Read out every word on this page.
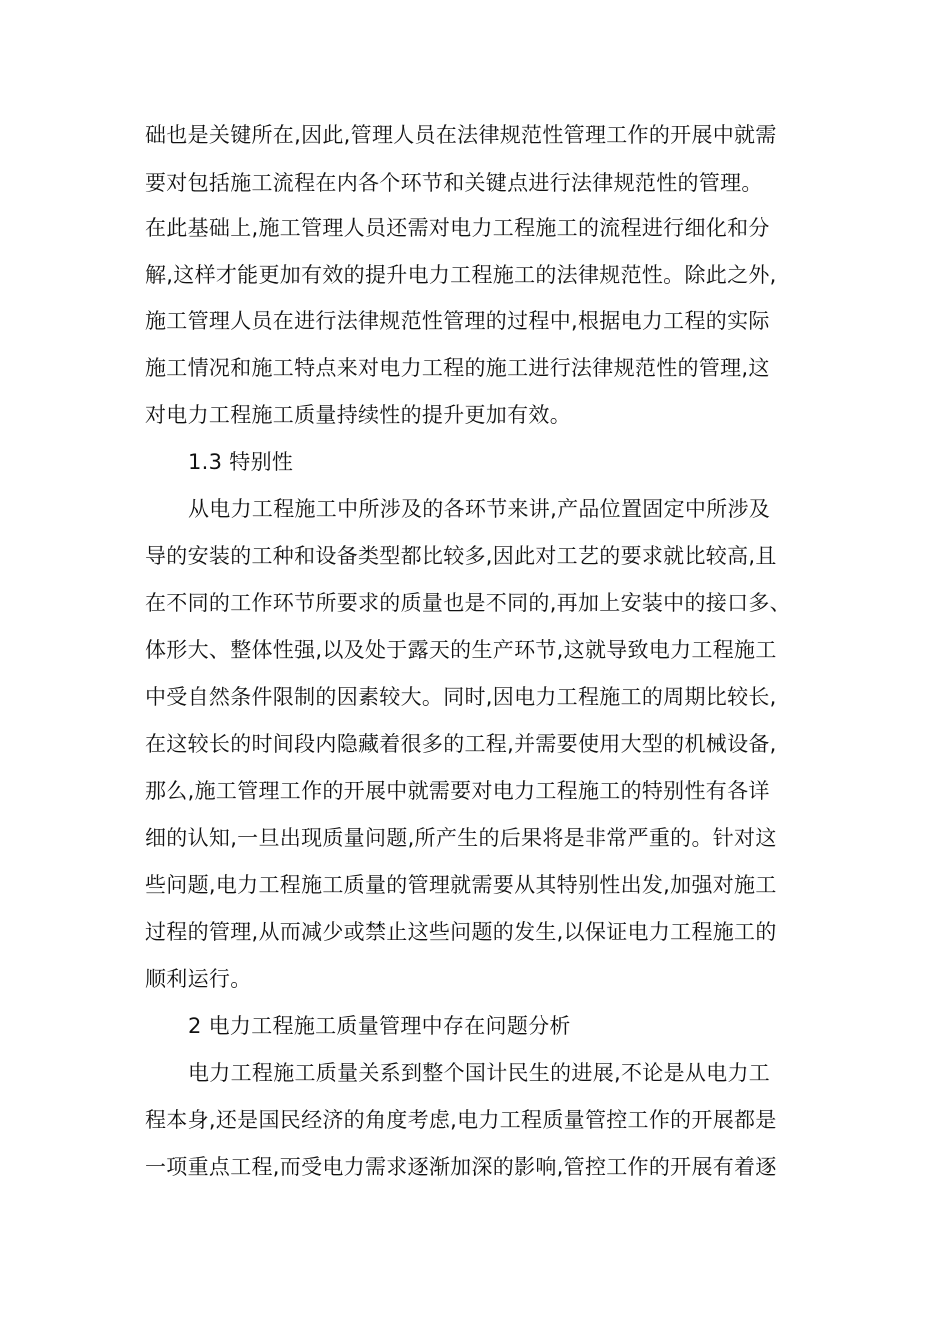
础也是关键所在,因此,管理人员在法律规范性管理工作的开展中就需
要对包括施工流程在内各个环节和关键点进行法律规范性的管理。
在此基础上,施工管理人员还需对电力工程施工的流程进行细化和分
解,这样才能更加有效的提升电力工程施工的法律规范性。除此之外,
施工管理人员在进行法律规范性管理的过程中,根据电力工程的实际
施工情况和施工特点来对电力工程的施工进行法律规范性的管理,这
对电力工程施工质量持续性的提升更加有效。
1.3 特别性
从电力工程施工中所涉及的各环节来讲,产品位置固定中所涉及
导的安装的工种和设备类型都比较多,因此对工艺的要求就比较高,且
在不同的工作环节所要求的质量也是不同的,再加上安装中的接口多、
体形大、整体性强,以及处于露天的生产环节,这就导致电力工程施工
中受自然条件限制的因素较大。同时,因电力工程施工的周期比较长,
在这较长的时间段内隐藏着很多的工程,并需要使用大型的机械设备,
那么,施工管理工作的开展中就需要对电力工程施工的特别性有各详
细的认知,一旦出现质量问题,所产生的后果将是非常严重的。针对这
些问题,电力工程施工质量的管理就需要从其特别性出发,加强对施工
过程的管理,从而减少或禁止这些问题的发生,以保证电力工程施工的
顺利运行。
2 电力工程施工质量管理中存在问题分析
电力工程施工质量关系到整个国计民生的进展,不论是从电力工
程本身,还是国民经济的角度考虑,电力工程质量管控工作的开展都是
一项重点工程,而受电力需求逐渐加深的影响,管控工作的开展有着逐
